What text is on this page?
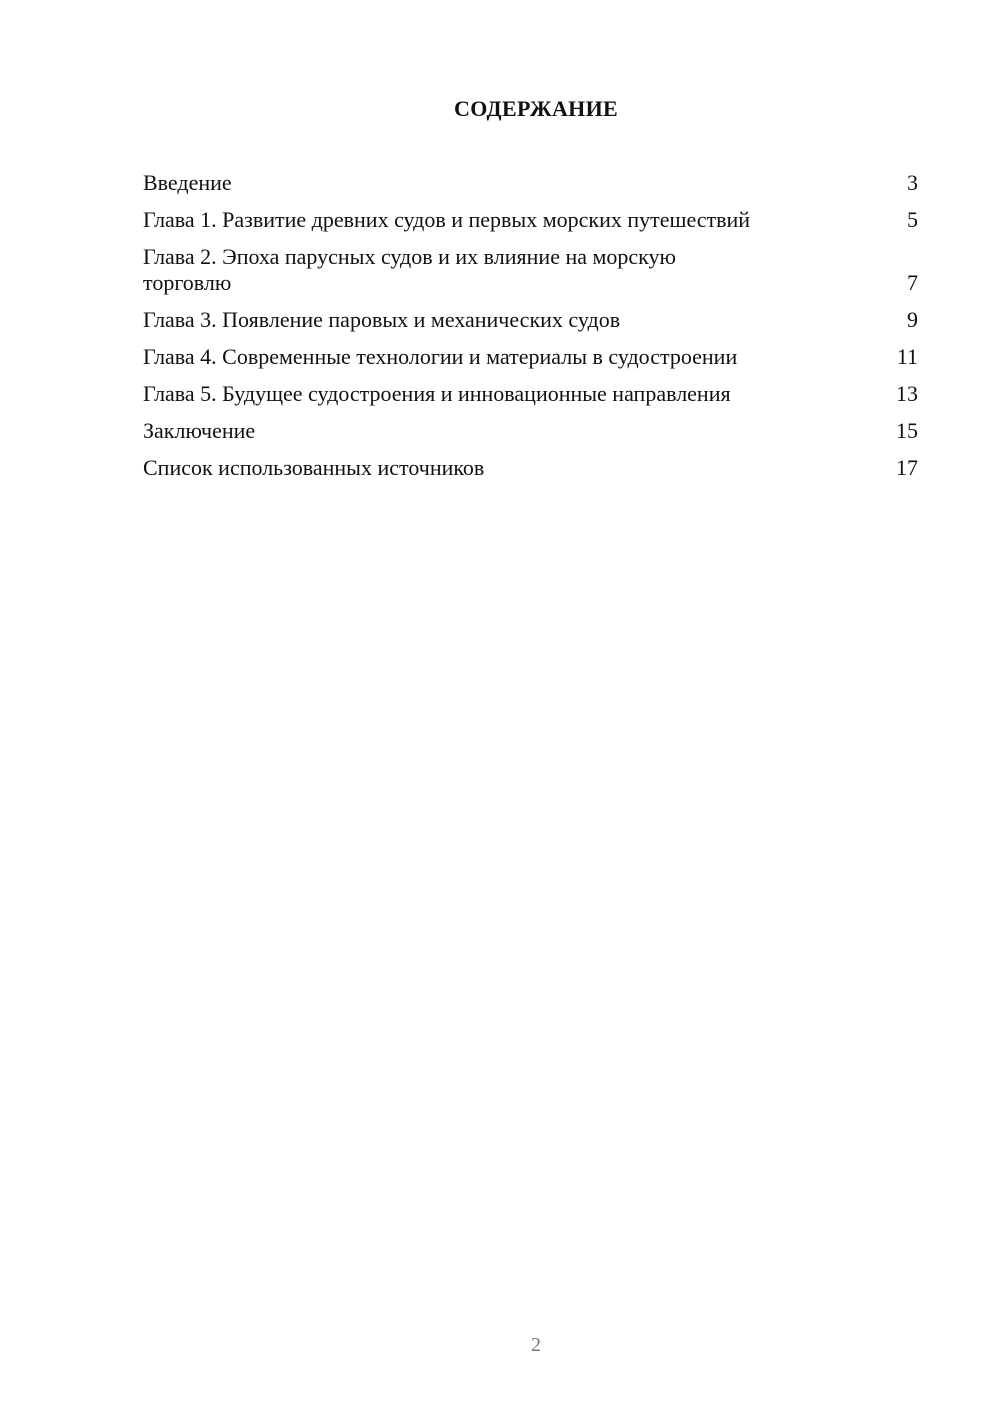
СОДЕРЖАНИЕ
Введение	3
Глава 1. Развитие древних судов и первых морских путешествий	5
Глава 2. Эпоха парусных судов и их влияние на морскую торговлю	7
Глава 3. Появление паровых и механических судов	9
Глава 4. Современные технологии и материалы в судостроении	11
Глава 5. Будущее судостроения и инновационные направления	13
Заключение	15
Список использованных источников	17
2
